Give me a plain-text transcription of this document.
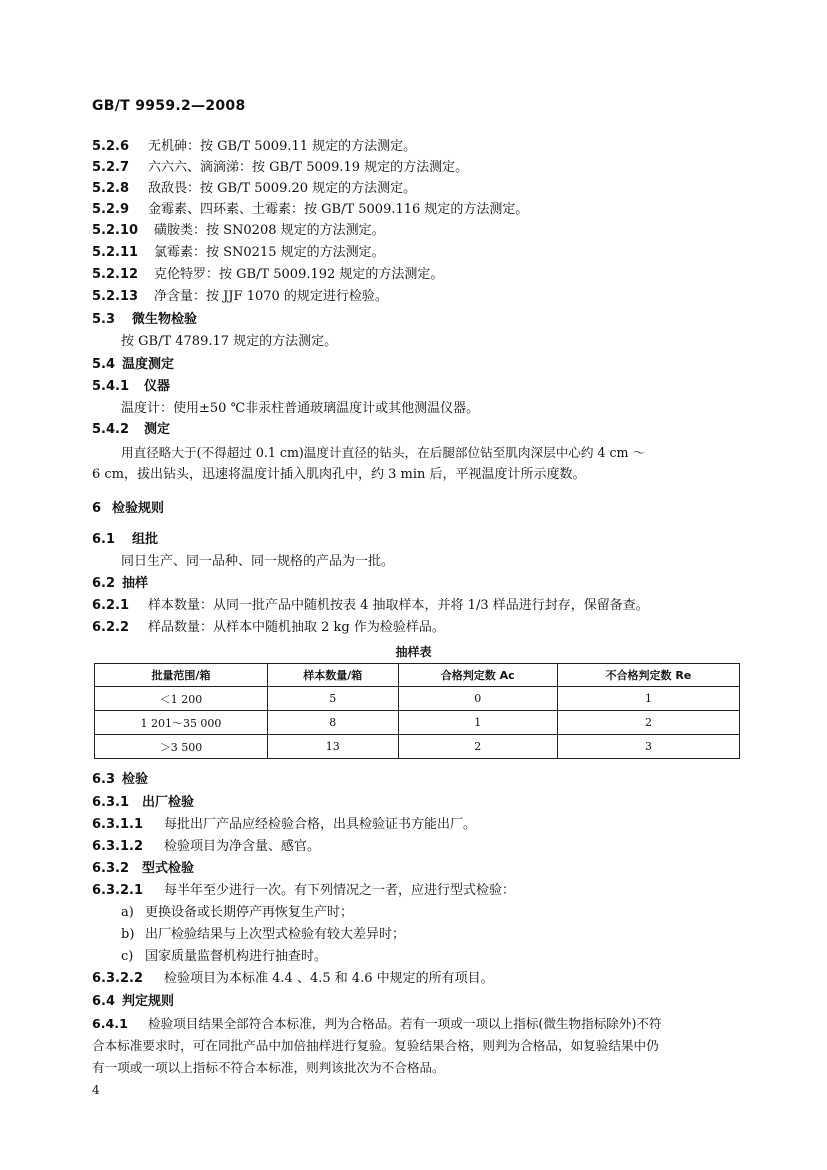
GB/T 9959.2—2008
5.2.6 无机砷：按 GB/T 5009.11 规定的方法测定。
5.2.7 六六六、滴滴涕：按 GB/T 5009.19 规定的方法测定。
5.2.8 敌敌畏：按 GB/T 5009.20 规定的方法测定。
5.2.9 金霉素、四环素、土霉素：按 GB/T 5009.116 规定的方法测定。
5.2.10 磺胺类：按 SN0208 规定的方法测定。
5.2.11 氯霉素：按 SN0215 规定的方法测定。
5.2.12 克伦特罗：按 GB/T 5009.192 规定的方法测定。
5.2.13 净含量：按 JJF 1070 的规定进行检验。
5.3 微生物检验
按 GB/T 4789.17 规定的方法测定。
5.4 温度测定
5.4.1 仪器
温度计：使用±50 ℃非汞柱普通玻璃温度计或其他测温仪器。
5.4.2 测定
用直径略大于(不得超过 0.1 cm)温度计直径的钻头，在后腿部位钻至肌肉深层中心约 4 cm ～
6 cm，拔出钻头，迅速将温度计插入肌肉孔中，约 3 min 后，平视温度计所示度数。
6 检验规则
6.1 组批
同日生产、同一品种、同一规格的产品为一批。
6.2 抽样
6.2.1 样本数量：从同一批产品中随机按表 4 抽取样本，并将 1/3 样品进行封存，保留备查。
6.2.2 样品数量：从样本中随机抽取 2 kg 作为检验样品。
抽样表
批量范围/箱	样本数量/箱	合格判定数 Ac	不合格判定数 Re
＜1 200	5	0	1
1 201～35 000	8	1	2
＞3 500	13	2	3
6.3 检验
6.3.1 出厂检验
6.3.1.1 每批出厂产品应经检验合格，出具检验证书方能出厂。
6.3.1.2 检验项目为净含量、感官。
6.3.2 型式检验
6.3.2.1 每半年至少进行一次。有下列情况之一者，应进行型式检验：
a) 更换设备或长期停产再恢复生产时；
b) 出厂检验结果与上次型式检验有较大差异时；
c) 国家质量监督机构进行抽查时。
6.3.2.2 检验项目为本标准 4.4 、4.5 和 4.6 中规定的所有项目。
6.4 判定规则
6.4.1 检验项目结果全部符合本标准，判为合格品。若有一项或一项以上指标(微生物指标除外)不符
合本标准要求时，可在同批产品中加倍抽样进行复验。复验结果合格，则判为合格品，如复验结果中仍
有一项或一项以上指标不符合本标准，则判该批次为不合格品。
4
